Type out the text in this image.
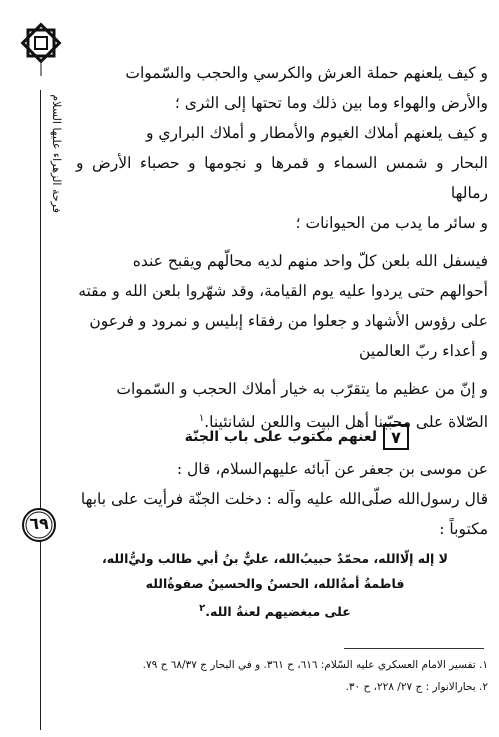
فرحة الزهراء عليها السلام
٦٩

و كيف يلعنهم حملة العرش والكرسي والحجب والسّموات
والأرض والهواء وما بين ذلك وما تحتها إلى الثرى ؛

و كيف يلعنهم أملاك الغيوم والأمطار و أملاك البراري و
البحار و شمس السماء و قمرها و نجومها و حصباء الأرض و رمالها
و سائر ما يدب من الحيوانات ؛

فيسفل الله بلعن كلّ واحد منهم لديه محالّهم ويقبح عنده
أحوالهم حتى يردوا عليه يوم القيامة، وقد شهّروا بلعن الله و مقته
على رؤوس الأشهاد و جعلوا من رفقاء إبليس و نمرود و فرعون
و أعداء ربّ العالمين

و إنّ من عظيم ما يتقرّب به خيار أملاك الحجب و السّموات
الصّلاة على محبّينا أهل البيت واللعن لشانئينا.$^١$

٧
لعنهم مكتوب على باب الجنّة

عن موسى بن جعفر عن آبائه عليهم‌السلام، قال :

قال رسول‌الله صلّى‌الله عليه وآله : دخلت الجنّة فرأيت على بابها

مكتوباً :

لا إله إلّاالله، محمّدٌ حبيبُ‌الله، عليٌّ بنُ أبي طالب وليُّ‌الله،
فاطمةُ أمةُ‌الله، الحسنُ والحسينُ صفوةُ‌الله
على مبغضيهم لعنةُ الله.$^٢$
١. تفسير الامام العسكري عليه السّلام: ٦١٦، ح ٣٦١. و في البحار ج ٦٨/٣٧ ح ٧٩.
٢. بحارالانوار : ج ٢٧/ ٢٢٨، ح ٣٠.
